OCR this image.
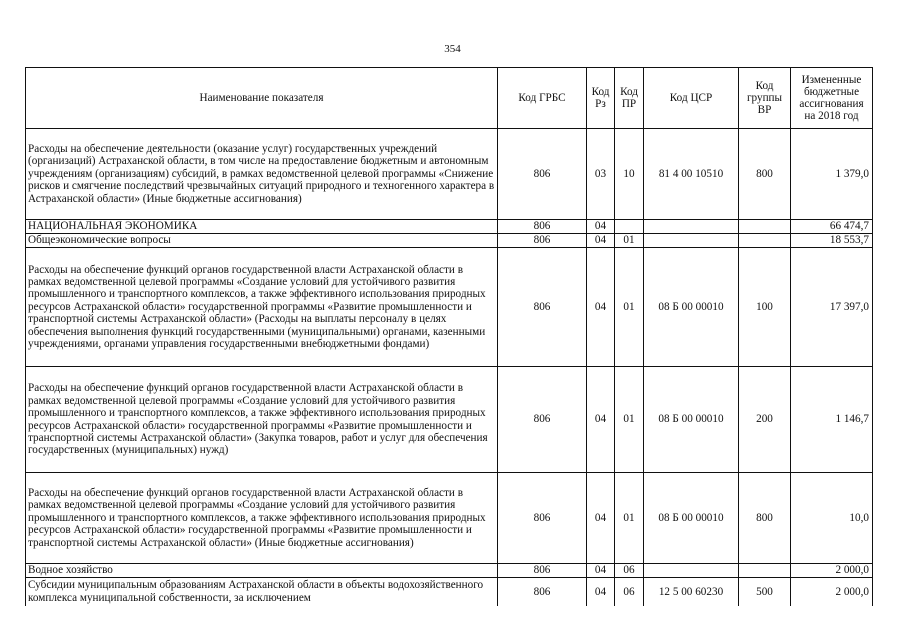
354
Наименование показателя	Код ГРБС	Код Рз	Код ПР	Код ЦСР	Код группы ВР	Измененные бюджетные ассигнования на 2018 год
Расходы на обеспечение деятельности (оказание услуг) государственных учреждений (организаций) Астраханской области, в том числе на предоставление бюджетным и автономным учреждениям (организациям) субсидий, в рамках ведомственной целевой программы «Снижение рисков и смягчение последствий чрезвычайных ситуаций природного и техногенного характера в Астраханской области» (Иные бюджетные ассигнования)	806	03	10	81 4 00 10510	800	1 379,0
НАЦИОНАЛЬНАЯ ЭКОНОМИКА	806	04				66 474,7
Общеэкономические вопросы	806	04	01			18 553,7
Расходы на обеспечение функций органов государственной власти Астраханской области в рамках ведомственной целевой программы «Создание условий для устойчивого развития промышленного и транспортного комплексов, а также эффективного использования природных ресурсов Астраханской области» государственной программы «Развитие промышленности и транспортной системы Астраханской области» (Расходы на выплаты персоналу в целях обеспечения выполнения функций государственными (муниципальными) органами, казенными учреждениями, органами управления государственными внебюджетными фондами)	806	04	01	08 Б 00 00010	100	17 397,0
Расходы на обеспечение функций органов государственной власти Астраханской области в рамках ведомственной целевой программы «Создание условий для устойчивого развития промышленного и транспортного комплексов, а также эффективного использования природных ресурсов Астраханской области» государственной программы «Развитие промышленности и транспортной системы Астраханской области» (Закупка товаров, работ и услуг для обеспечения государственных (муниципальных) нужд)	806	04	01	08 Б 00 00010	200	1 146,7
Расходы на обеспечение функций органов государственной власти Астраханской области в рамках ведомственной целевой программы «Создание условий для устойчивого развития промышленного и транспортного комплексов, а также эффективного использования природных ресурсов Астраханской области» государственной программы «Развитие промышленности и транспортной системы Астраханской области» (Иные бюджетные ассигнования)	806	04	01	08 Б 00 00010	800	10,0
Водное хозяйство	806	04	06			2 000,0
Субсидии муниципальным образованиям Астраханской области в объекты водохозяйственного комплекса муниципальной собственности, за исключением	806	04	06	12 5 00 60230	500	2 000,0
